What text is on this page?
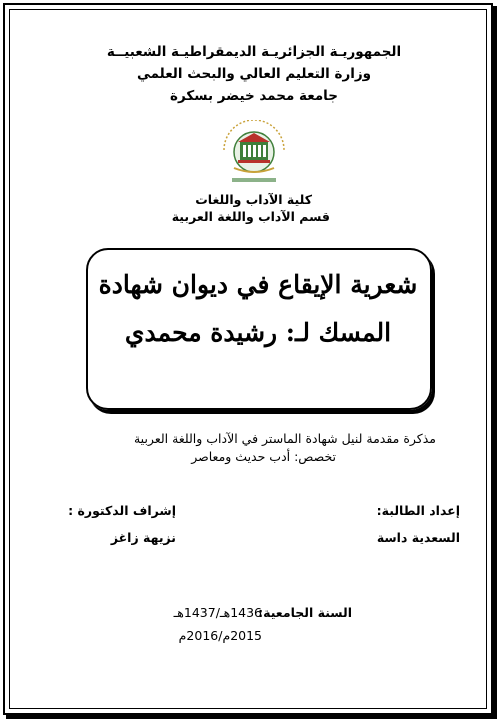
الجمهوريـة الجزائريـة الديمقراطيـة الشعبيــة
وزارة التعليم العالي والبحث العلمي
جامعة محمد خيضر بسكرة
كلية الآداب واللغات
قسم الآداب واللغة العربية
شعرية الإيقاع في ديوان شهادة
المسك لـ: رشيدة محمدي
مذكرة مقدمة لنيل شهادة الماستر في الآداب واللغة العربية
تخصص: أدب حديث ومعاصر
إعداد الطالبة:
السعدية داسة
إشراف الدكتورة :
نزيهة زاغز
السنة الجامعية:
1436هـ/1437هـ
2015م/2016م
